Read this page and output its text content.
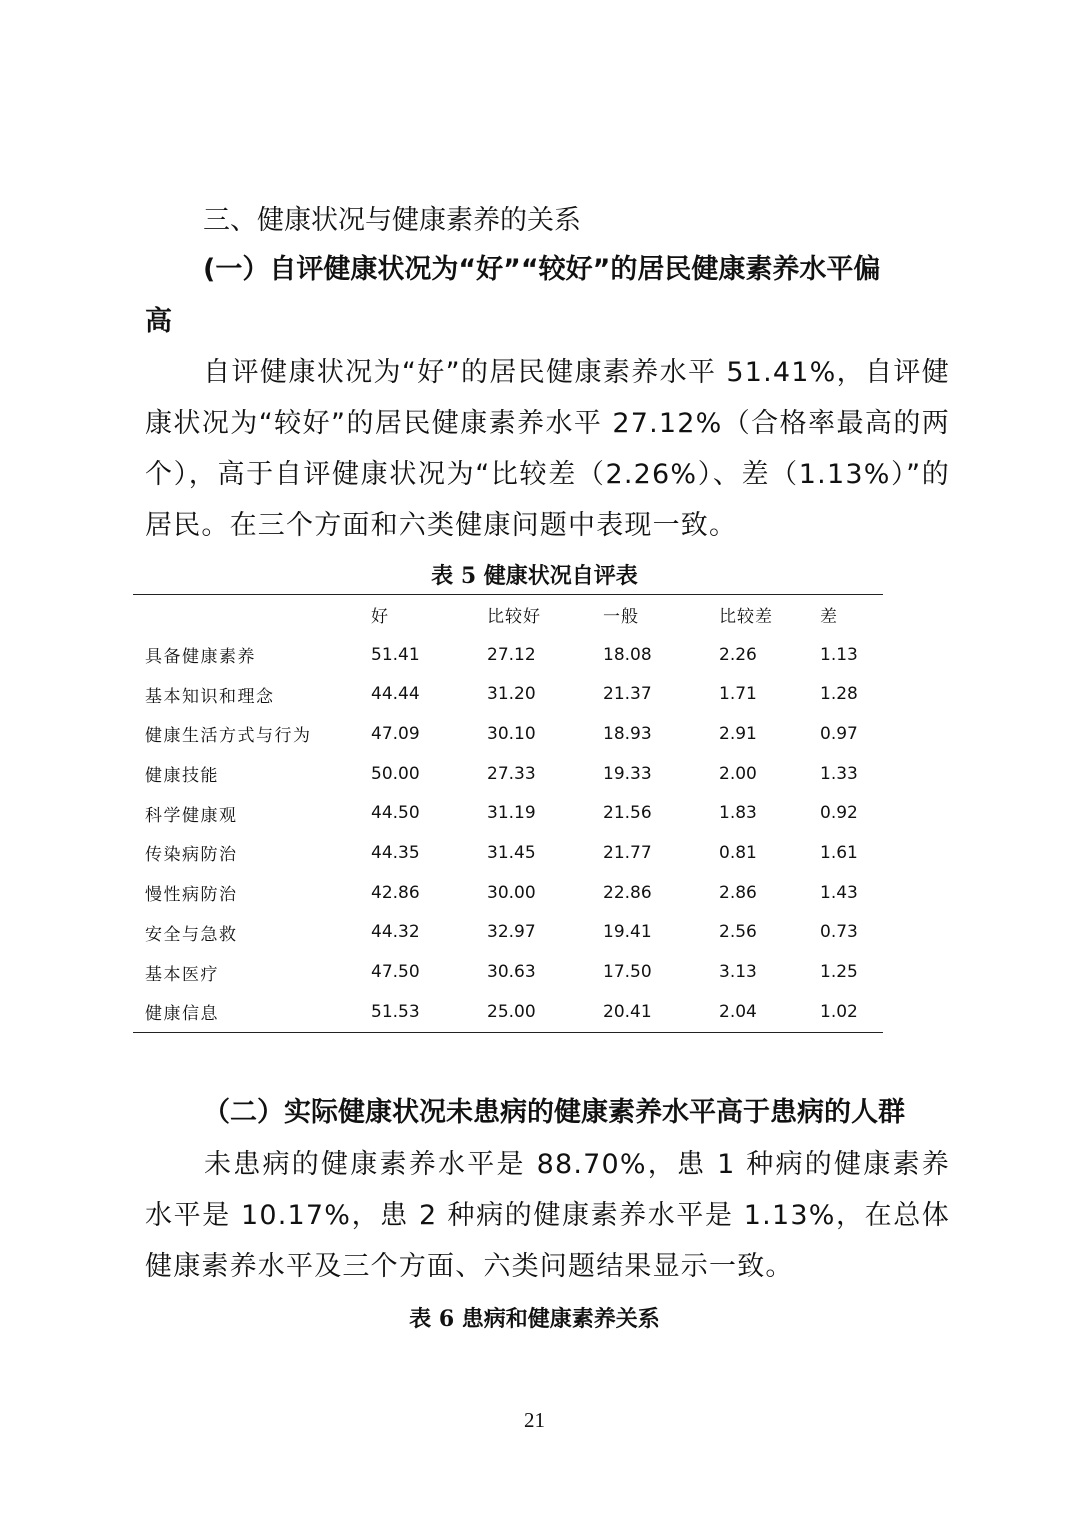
三、健康状况与健康素养的关系
(一）自评健康状况为“好”“较好”的居民健康素养水平偏
高

自评健康状况为“好”的居民健康素养水平 51.41%，自评健康状况为“较好”的居民健康素养水平 27.12%（合格率最高的两个），高于自评健康状况为“比较差（2.26%）、差（1.13%）”的居民。在三个方面和六类健康问题中表现一致。

表 5 健康状况自评表

	好	比较好	一般	比较差	差
具备健康素养	51.41	27.12	18.08	2.26	1.13
基本知识和理念	44.44	31.20	21.37	1.71	1.28
健康生活方式与行为	47.09	30.10	18.93	2.91	0.97
健康技能	50.00	27.33	19.33	2.00	1.33
科学健康观	44.50	31.19	21.56	1.83	0.92
传染病防治	44.35	31.45	21.77	0.81	1.61
慢性病防治	42.86	30.00	22.86	2.86	1.43
安全与急救	44.32	32.97	19.41	2.56	0.73
基本医疗	47.50	30.63	17.50	3.13	1.25
健康信息	51.53	25.00	20.41	2.04	1.02
（二）实际健康状况未患病的健康素养水平高于患病的人群

未患病的健康素养水平是 88.70%，患 1 种病的健康素养水平是 10.17%，患 2 种病的健康素养水平是 1.13%，在总体健康素养水平及三个方面、六类问题结果显示一致。

表 6 患病和健康素养关系

21
